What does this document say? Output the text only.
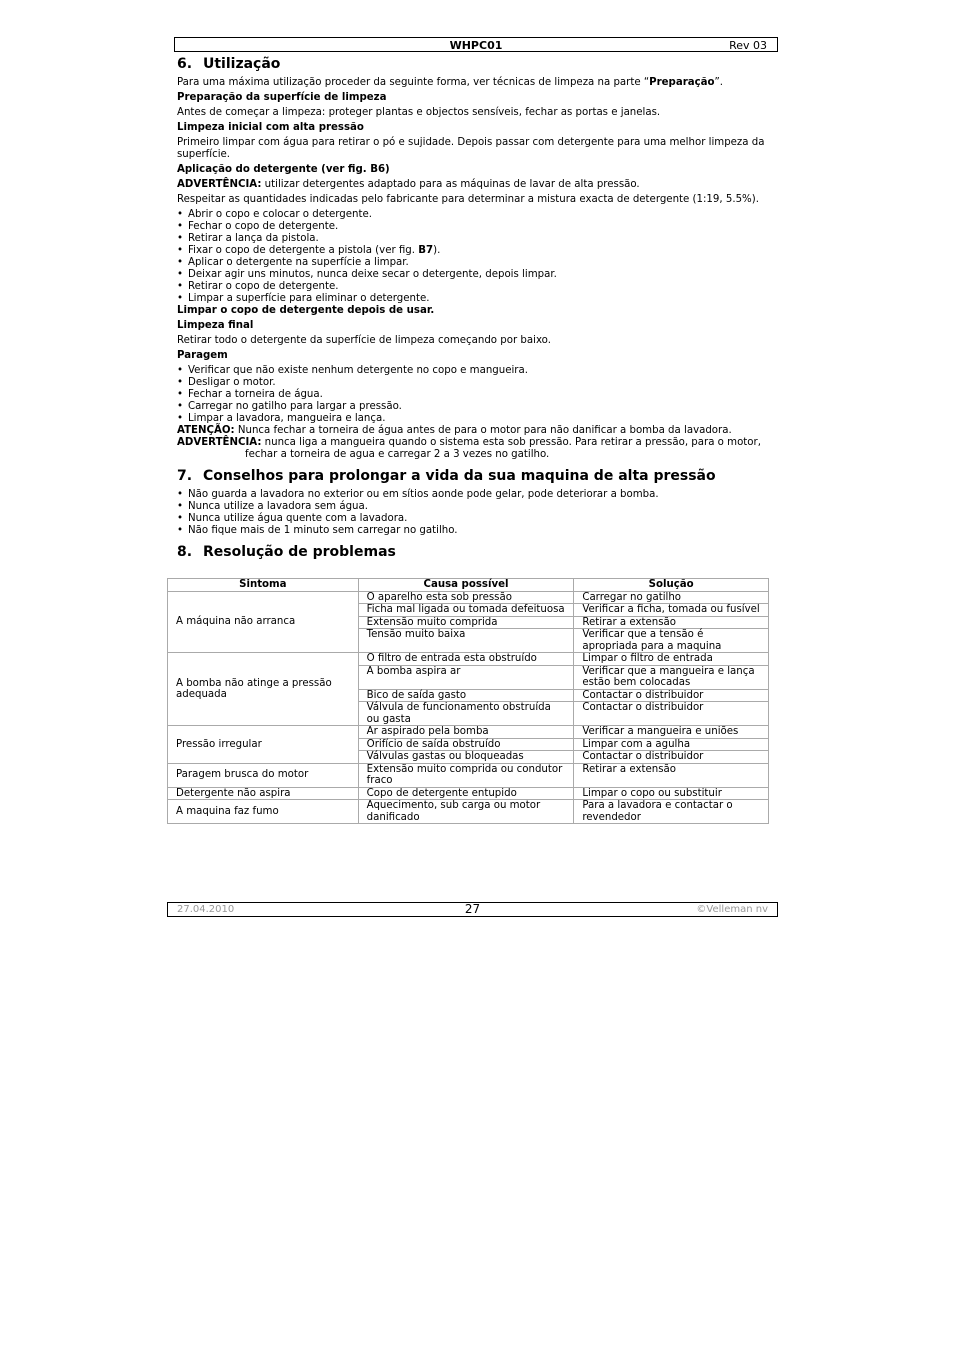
WHPC01	Rev 03
6. Utilização

Para uma máxima utilização proceder da seguinte forma, ver técnicas de limpeza na parte “Preparação”.

Preparação da superfície de limpeza

Antes de começar a limpeza: proteger plantas e objectos sensíveis, fechar as portas e janelas.

Limpeza inicial com alta pressão

Primeiro limpar com água para retirar o pó e sujidade. Depois passar com detergente para uma melhor limpeza da superfície.

Aplicação do detergente (ver fig. B6)

ADVERTÊNCIA: utilizar detergentes adaptado para as máquinas de lavar de alta pressão.

Respeitar as quantidades indicadas pelo fabricante para determinar a mistura exacta de detergente (1:19, 5.5%).

• Abrir o copo e colocar o detergente.
• Fechar o copo de detergente.
• Retirar a lança da pistola.
• Fixar o copo de detergente a pistola (ver fig. B7).
• Aplicar o detergente na superfície a limpar.
• Deixar agir uns minutos, nunca deixe secar o detergente, depois limpar.
• Retirar o copo de detergente.
• Limpar a superfície para eliminar o detergente.
Limpar o copo de detergente depois de usar.
Limpeza final

Retirar todo o detergente da superfície de limpeza começando por baixo.

Paragem
• Verificar que não existe nenhum detergente no copo e mangueira.
• Desligar o motor.
• Fechar a torneira de água.
• Carregar no gatilho para largar a pressão.
• Limpar a lavadora, mangueira e lança.
ATENÇÃO: Nunca fechar a torneira de água antes de para o motor para não danificar a bomba da lavadora.
ADVERTÊNCIA: nunca liga a mangueira quando o sistema esta sob pressão. Para retirar a pressão, para o motor, fechar a torneira de agua e carregar 2 a 3 vezes no gatilho.
7. Conselhos para prolongar a vida da sua maquina de alta pressão
• Não guarda a lavadora no exterior ou em sítios aonde pode gelar, pode deteriorar a bomba.
• Nunca utilize a lavadora sem água.
• Nunca utilize água quente com a lavadora.
• Não fique mais de 1 minuto sem carregar no gatilho.
8. Resolução de problemas
Sintoma	Causa possível	Solução
A máquina não arranca	O aparelho esta sob pressão	Carregar no gatilho
	Ficha mal ligada ou tomada defeituosa	Verificar a ficha, tomada ou fusível
	Extensão muito comprida	Retirar a extensão
	Tensão muito baixa	Verificar que a tensão é apropriada para a maquina
A bomba não atinge a pressão adequada	O filtro de entrada esta obstruído	Limpar o filtro de entrada
	A bomba aspira ar	Verificar que a mangueira e lança estão bem colocadas
	Bico de saída gasto	Contactar o distribuidor
	Válvula de funcionamento obstruída ou gasta	Contactar o distribuidor
Pressão irregular	Ar aspirado pela bomba	Verificar a mangueira e uniões
	Orifício de saída obstruído	Limpar com a agulha
	Válvulas gastas ou bloqueadas	Contactar o distribuidor
Paragem brusca do motor	Extensão muito comprida ou condutor fraco	Retirar a extensão
Detergente não aspira	Copo de detergente entupido	Limpar o copo ou substituir
A maquina faz fumo	Aquecimento, sub carga ou motor danificado	Para a lavadora e contactar o revendedor
27.04.2010	27	©Velleman nv
